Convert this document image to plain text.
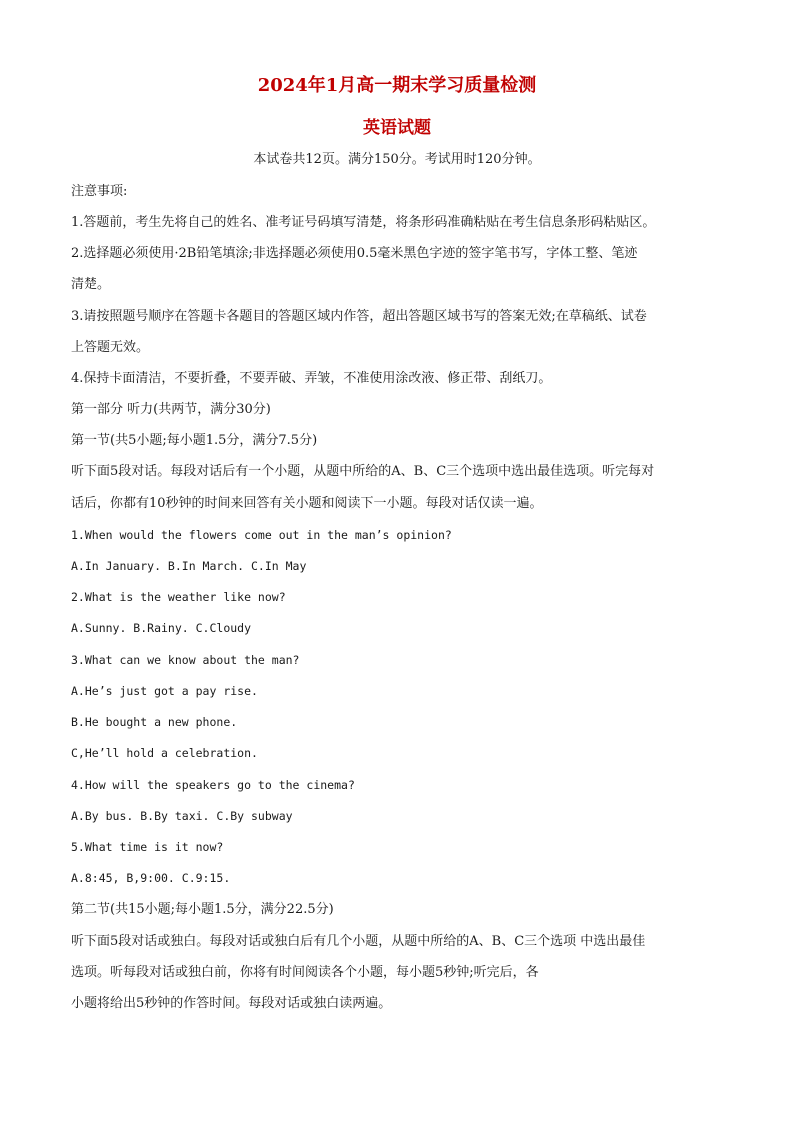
2024年1月高一期末学习质量检测
英语试题
本试卷共12页。满分150分。考试用时120分钟。
注意事项:
1.答题前，考生先将自己的姓名、准考证号码填写清楚，将条形码准确粘贴在考生信息条形码粘贴区。
2.选择题必须使用·2B铅笔填涂;非选择题必须使用0.5毫米黑色字迹的签字笔书写，字体工整、笔迹
清楚。
3.请按照题号顺序在答题卡各题目的答题区域内作答，超出答题区域书写的答案无效;在草稿纸、试卷
上答题无效。
4.保持卡面清洁，不要折叠，不要弄破、弄皱，不准使用涂改液、修正带、刮纸刀。
第一部分 听力(共两节，满分30分)
第一节(共5小题;每小题1.5分，满分7.5分)
听下面5段对话。每段对话后有一个小题，从题中所给的A、B、C三个选项中选出最佳选项。听完每对
话后，你都有10秒钟的时间来回答有关小题和阅读下一小题。每段对话仅读一遍。
1.When would the flowers come out in the man’s opinion?
A.In January. B.In March. C.In May
2.What is the weather like now?
A.Sunny. B.Rainy. C.Cloudy
3.What can we know about the man?
A.He’s just got a pay rise.
B.He bought a new phone.
C,He’ll hold a celebration.
4.How will the speakers go to the cinema?
A.By bus. B.By taxi. C.By subway
5.What time is it now?
A.8:45, B,9:00. C.9:15.
第二节(共15小题;每小题1.5分，满分22.5分)
听下面5段对话或独白。每段对话或独白后有几个小题，从题中所给的A、B、C三个选项 中选出最佳
选项。听每段对话或独白前，你将有时间阅读各个小题，每小题5秒钟;听完后，各
小题将给出5秒钟的作答时间。每段对话或独白读两遍。
